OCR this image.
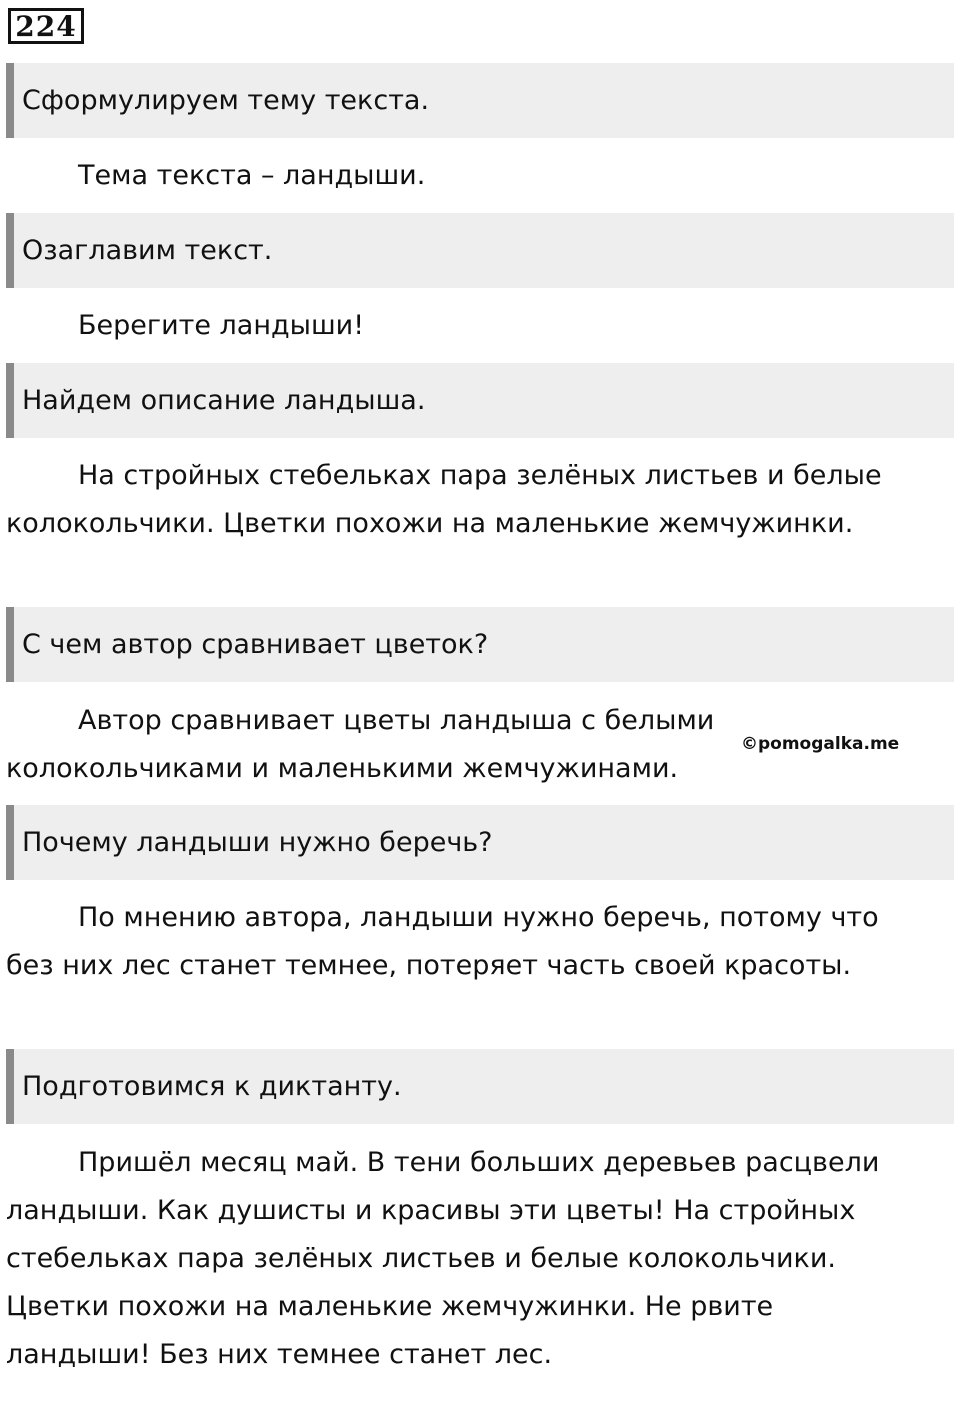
224
Сформулируем тему текста.

Тема текста – ландыши.

Озаглавим текст.

Берегите ландыши!

Найдем описание ландыша.

На стройных стебельках пара зелёных листьев и белые колокольчики. Цветки похожи на маленькие жемчужинки.

С чем автор сравнивает цветок?

Автор сравнивает цветы ландыша с белыми колокольчиками и маленькими жемчужинами.

©pomogalka.me
Почему ландыши нужно беречь?

По мнению автора, ландыши нужно беречь, потому что без них лес станет темнее, потеряет часть своей красоты.

Подготовимся к диктанту.

Пришёл месяц май. В тени больших деревьев расцвели ландыши. Как душисты и красивы эти цветы! На стройных стебельках пара зелёных листьев и белые колокольчики. Цветки похожи на маленькие жемчужинки. Не рвите ландыши! Без них темнее станет лес.
